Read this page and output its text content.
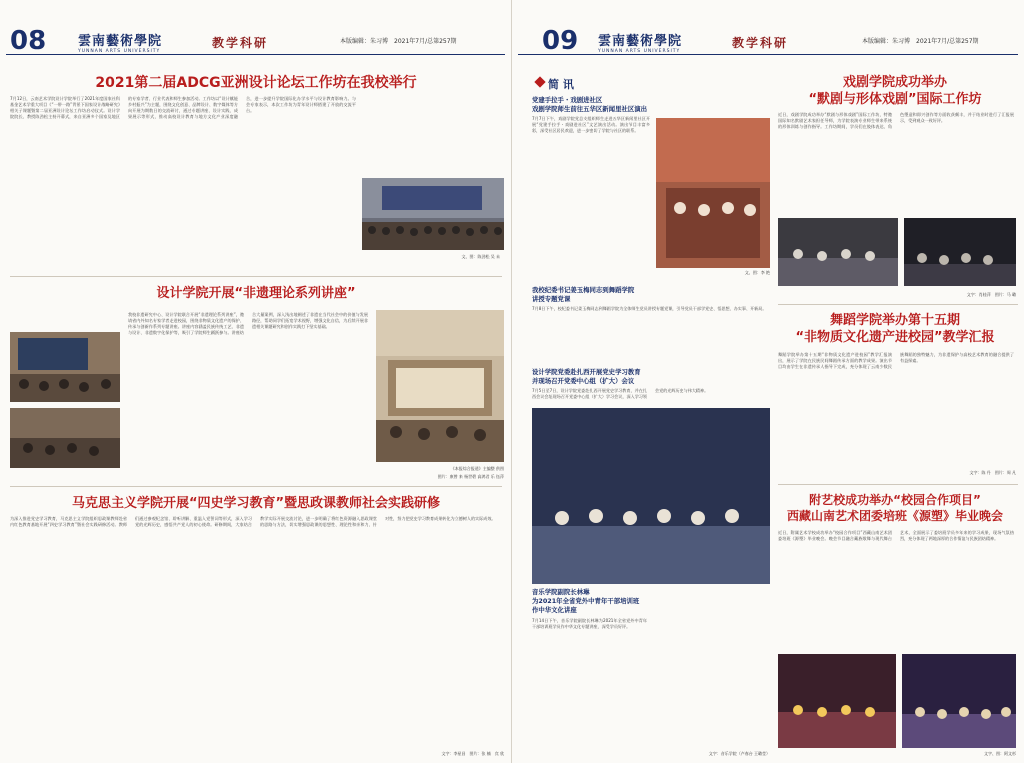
08 雲南藝術學院
YUNNAN ARTS UNIVERSITY
教学科研	本版编辑：朱习博　2021年7月/总第257期
2021第二届ADCG亚洲设计论坛工作坊在我校举行
7月12日，云南艺术学院设计学院举行了2021年度国家社科基金艺术学重大项目《“一带一路”背景下国家设计战略研究》相关子课题暨第二届亚洲设计论坛工作坊启动仪式。设计学院院长、教授陈劲松主持开幕式，来自亚洲多个国家及地区的专家学者、行业代表和师生参加活动。工作坊以“设计赋能乡村振兴”为主题，围绕文化创意、品牌设计、数字媒体等方向开展为期数日的交流研讨，通过专题讲座、设计实践、成果展示等形式，推动高校设计教育与地方文化产业深度融合，进一步提升学院国际化办学水平与设计教育影响力。与会专家表示，本次工作坊为青年设计师搭建了开放的交流平台。
文、图：陈劲松 吴 未
设计学院开展“非遗理论系列讲座”
我校非遗研究中心、设计学院联合开展“非遗理论系列讲座”，邀请省内外知名专家学者走进校园，围绕非物质文化遗产的保护、传承与创新作系列专题讲座。讲座内容涵盖民族传统工艺、非遗与设计、非遗数字化保护等，吸引了学院师生踊跃参与。讲座结合大量案例，深入浅出地阐述了非遗在当代社会中的价值与发展路径，帮助同学们拓宽学术视野，增强文化自信，为后续开展非遗相关课题研究和创作实践打下坚实基础。
《本报综合报道》主编整 供图
图片：康曾 来 杨世碧 高鸿君 乐 钰萍
马克思主义学院开展“四史学习教育”暨思政课教师社会实践研修
为深入推进党史学习教育，马克思主义学院组织思政课教师赴省内红色教育基地开展“四史学习教育”暨社会实践研修活动。教师们通过参观纪念馆、聆听讲解、重温入党誓词等形式，深入学习党的光辉历史，感悟共产党人的初心使命。研修期间，大家结合教学实际开展交流讨论，进一步明确了将红色资源融入思政课堂的思路与方法，切实增强思政课的思想性、理论性和亲和力、针对性，努力把党史学习教育成果转化为立德树人的实际成效。
文字：李星昌　图片：张 楠　宾 欣
09 雲南藝術學院
YUNNAN ARTS UNIVERSITY
教学科研	本版编辑：朱习博　2021年7月/总第257期
简 讯
党建手拉手・戏剧进社区
戏剧学院师生前往五华区新闻里社区演出
7月7日下午，戏剧学院党总支组织师生走进五华区新闻里社区开展“党建手拉手・戏剧进社区”文艺演出活动。演出节目丰富多彩，深受社区居民欢迎，进一步密切了学院与社区的联系。
文、图：李 艳
我校纪委书记姜玉梅同志到舞蹈学院
讲授专题党课
7月8日下午，校纪委书记姜玉梅同志到舞蹈学院为全体师生党员讲授专题党课，引导党员干部学党史、悟思想、办实事、开新局。
设计学院党委赴扎西开展党史学习教育
并现场召开党委中心组（扩大）会议
7月5日至7日，设计学院党委赴扎西开展党史学习教育，并在扎西会议会址现场召开党委中心组（扩大）学习会议，深入学习领会党的光辉历史与伟大精神。
音乐学院副院长林琳
为2021年全省党外中青年干部培训班
作中华文化讲座
7月14日下午，音乐学院副院长林琳为2021年全省党外中青年干部培训班学员作中华文化专题讲座，深受学员好评。
文字：音乐学院（卢春台 王璐莹）
戏剧学院成功举办
“默剧与形体戏剧”国际工作坊
近日，戏剧学院成功举办“默剧与形体戏剧”国际工作坊，特邀国际知名默剧艺术家担任导师，为学院表演专业师生带来系统的形体训练与创作指导。工作坊期间，学员们在肢体表达、角色塑造和即兴创作等方面收获颇丰，并于结业时进行了汇报展示，受到观众一致好评。
文字：肖桂萍　图片：马 璐
舞蹈学院举办第十五期
“非物质文化遗产进校园”教学汇报
舞蹈学院举办第十五期“非物质文化遗产进校园”教学汇报演出，展示了学院在民族民间舞蹈传承方面的教学成果。演出节目均由学生在非遗传承人指导下完成，充分体现了云南少数民族舞蹈的独特魅力，为非遗保护与高校艺术教育的融合提供了有益探索。
文字：陈 丹　图片：周 凡
附艺校成功举办“校园合作项目”
西藏山南艺术团委培班《源塑》毕业晚会
近日，附属艺术学校成功举办“校园合作项目”西藏山南艺术团委培班《源塑》毕业晚会。晚会节目融合藏族歌舞与现代舞台艺术，全面展示了委培班学员多年来的学习成果，现场气氛热烈，充分体现了两地深厚的合作情谊与民族团结精神。
文字、图：阿文杉
